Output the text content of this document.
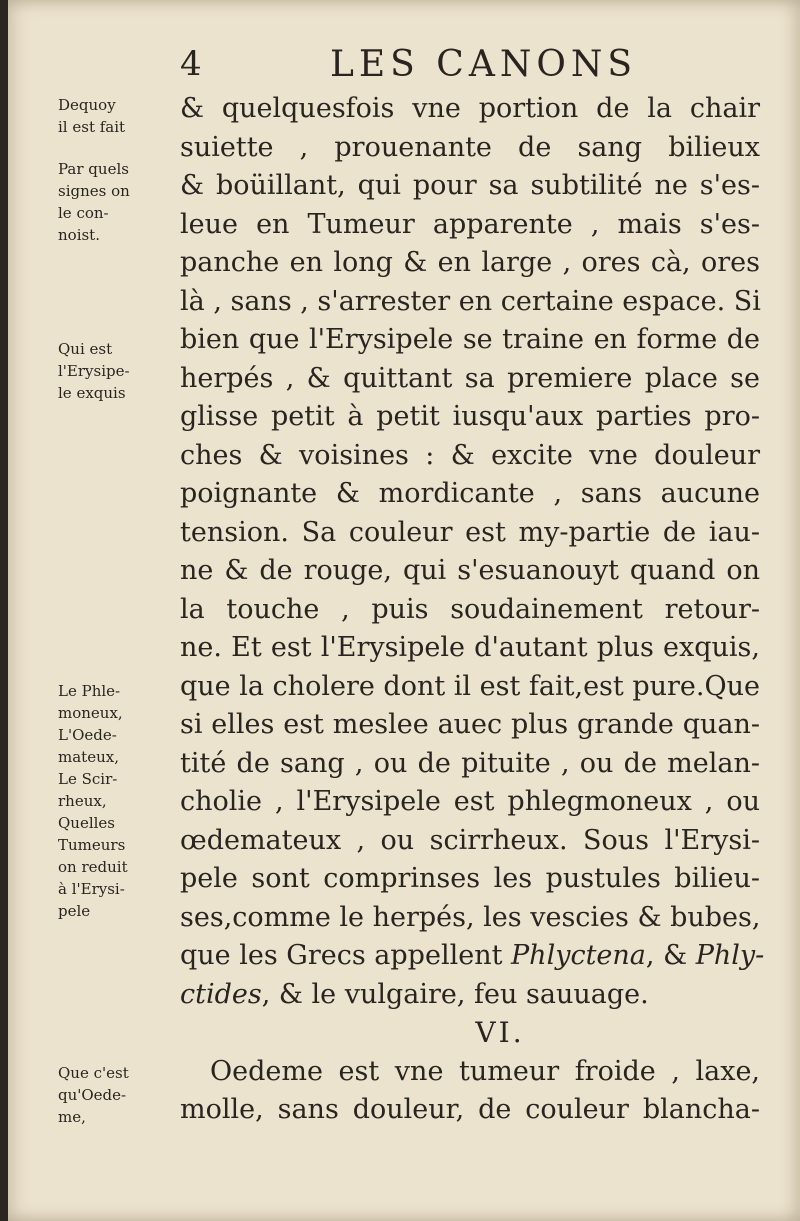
4	LES CANONS
Dequoy
il est fait
Par quels
signes on
le con-
noist.
Qui est
l'Erysipe-
le exquis
Le Phle-
moneux,
L'Oede-
mateux,
Le Scir-
rheux,
Quelles
Tumeurs
on reduit
à l'Erysi-
pele
Que c'est
qu'Oede-
me,
& quelquesfois vne portion de la chair
suiette , prouenante de sang bilieux
& boüillant, qui pour sa subtilité ne s'es-
leue en Tumeur apparente , mais s'es-
panche en long & en large , ores cà, ores
là , sans , s'arrester en certaine espace. Si
bien que l'Erysipele se traine en forme de
herpés , & quittant sa premiere place se
glisse petit à petit iusqu'aux parties pro-
ches & voisines : & excite vne douleur
poignante & mordicante , sans aucune
tension. Sa couleur est my-partie de iau-
ne & de rouge, qui s'esuanouyt quand on
la touche , puis soudainement retour-
ne. Et est l'Erysipele d'autant plus exquis,
que la cholere dont il est fait,est pure.Que
si elles est meslee auec plus grande quan-
tité de sang , ou de pituite , ou de melan-
cholie , l'Erysipele est phlegmoneux , ou
œdemateux , ou scirrheux. Sous l'Erysi-
pele sont comprinses les pustules bilieu-
ses,comme le herpés, les vescies & bubes,
que les Grecs appellent Phlyctena, & Phly-
ctides, & le vulgaire, feu sauuage.
VI.
Oedeme est vne tumeur froide , laxe,
molle, sans douleur, de couleur blancha-
